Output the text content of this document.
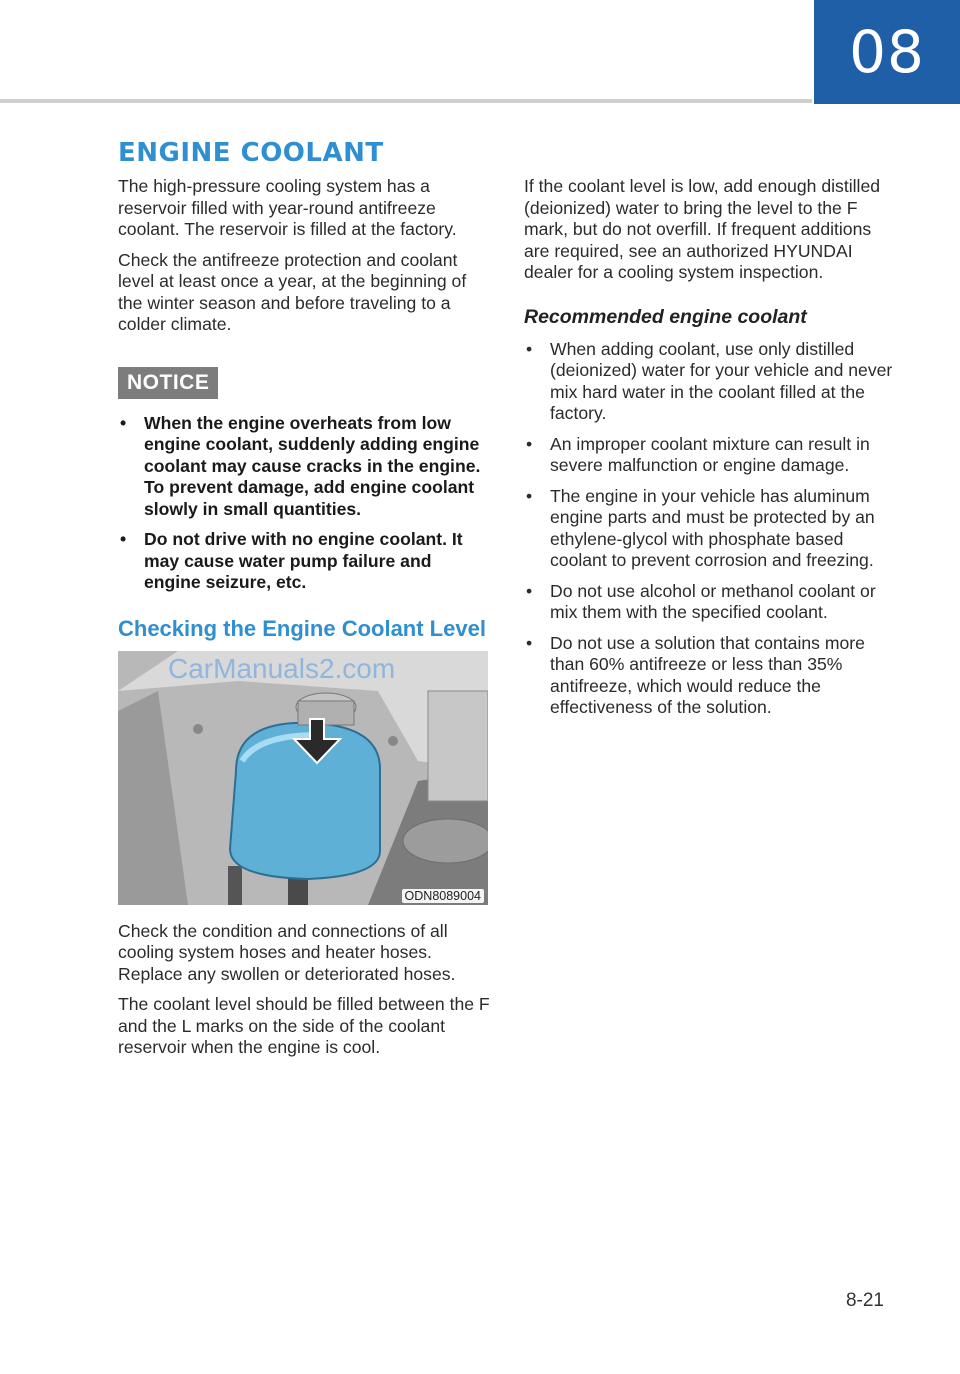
08
ENGINE COOLANT

The high-pressure cooling system has a reservoir filled with year-round antifreeze coolant. The reservoir is filled at the factory.

Check the antifreeze protection and coolant level at least once a year, at the beginning of the winter season and before traveling to a colder climate.

NOTICE
• When the engine overheats from low engine coolant, suddenly adding engine coolant may cause cracks in the engine. To prevent damage, add engine coolant slowly in small quantities.
• Do not drive with no engine coolant. It may cause water pump failure and engine seizure, etc.
Checking the Engine Coolant Level
CarManuals2.com
ODN8089004

Check the condition and connections of all cooling system hoses and heater hoses. Replace any swollen or deteriorated hoses.

The coolant level should be filled between the F and the L marks on the side of the coolant reservoir when the engine is cool.

If the coolant level is low, add enough distilled (deionized) water to bring the level to the F mark, but do not overfill. If frequent additions are required, see an authorized HYUNDAI dealer for a cooling system inspection.

Recommended engine coolant
• When adding coolant, use only distilled (deionized) water for your vehicle and never mix hard water in the coolant filled at the factory.
• An improper coolant mixture can result in severe malfunction or engine damage.
• The engine in your vehicle has aluminum engine parts and must be protected by an ethylene-glycol with phosphate based coolant to prevent corrosion and freezing.
• Do not use alcohol or methanol coolant or mix them with the specified coolant.
• Do not use a solution that contains more than 60% antifreeze or less than 35% antifreeze, which would reduce the effectiveness of the solution.
8-21
